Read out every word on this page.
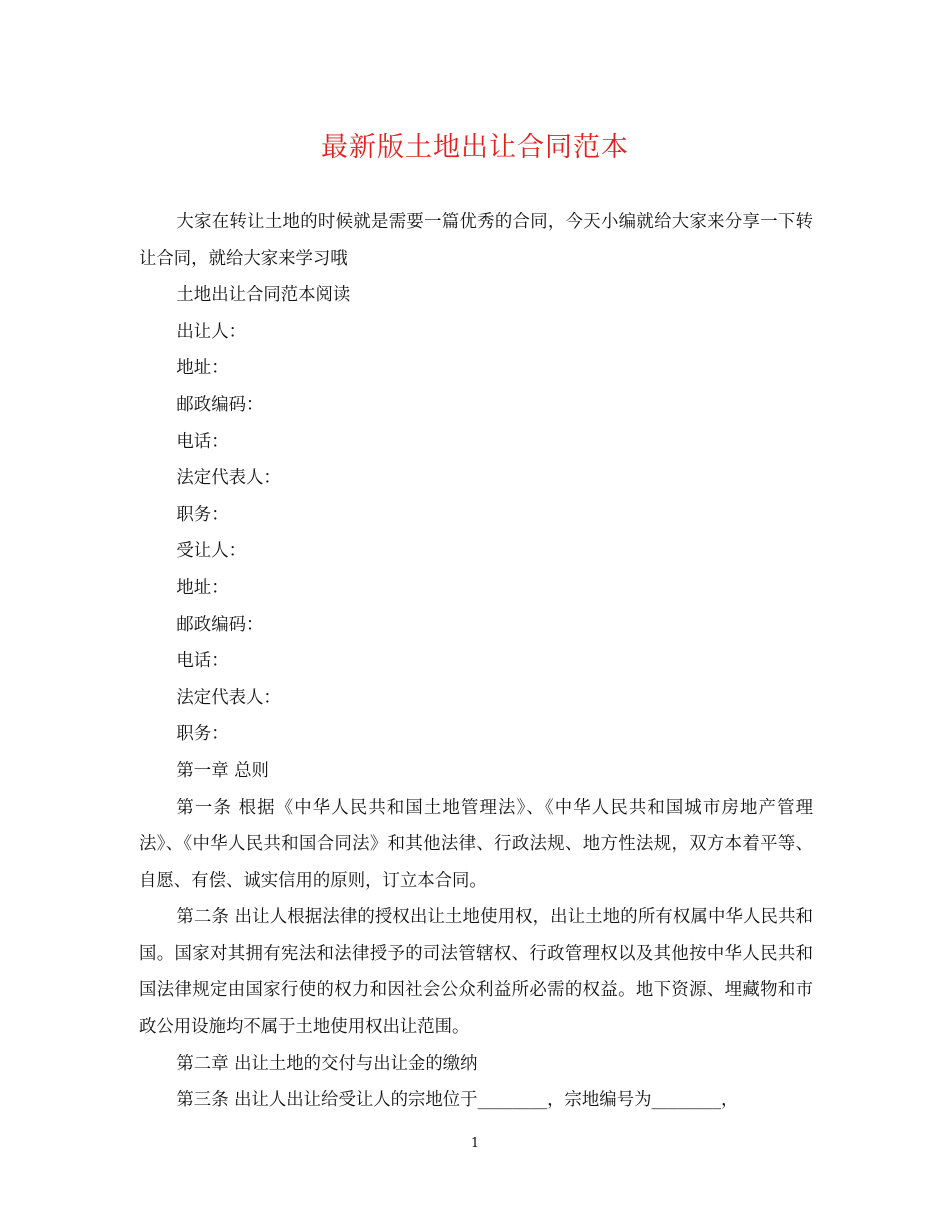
最新版土地出让合同范本

大家在转让土地的时候就是需要一篇优秀的合同，今天小编就给大家来分享一下转让合同，就给大家来学习哦

土地出让合同范本阅读

出让人：

地址：

邮政编码：

电话：

法定代表人：

职务：

受让人：

地址：

邮政编码：

电话：

法定代表人：

职务：

第一章 总则

第一条 根据《中华人民共和国土地管理法》、《中华人民共和国城市房地产管理法》、《中华人民共和国合同法》和其他法律、行政法规、地方性法规，双方本着平等、自愿、有偿、诚实信用的原则，订立本合同。

第二条 出让人根据法律的授权出让土地使用权，出让土地的所有权属中华人民共和国。国家对其拥有宪法和法律授予的司法管辖权、行政管理权以及其他按中华人民共和国法律规定由国家行使的权力和因社会公众利益所必需的权益。地下资源、埋藏物和市政公用设施均不属于土地使用权出让范围。

第二章 出让土地的交付与出让金的缴纳

第三条 出让人出让给受让人的宗地位于________，宗地编号为________，

1
